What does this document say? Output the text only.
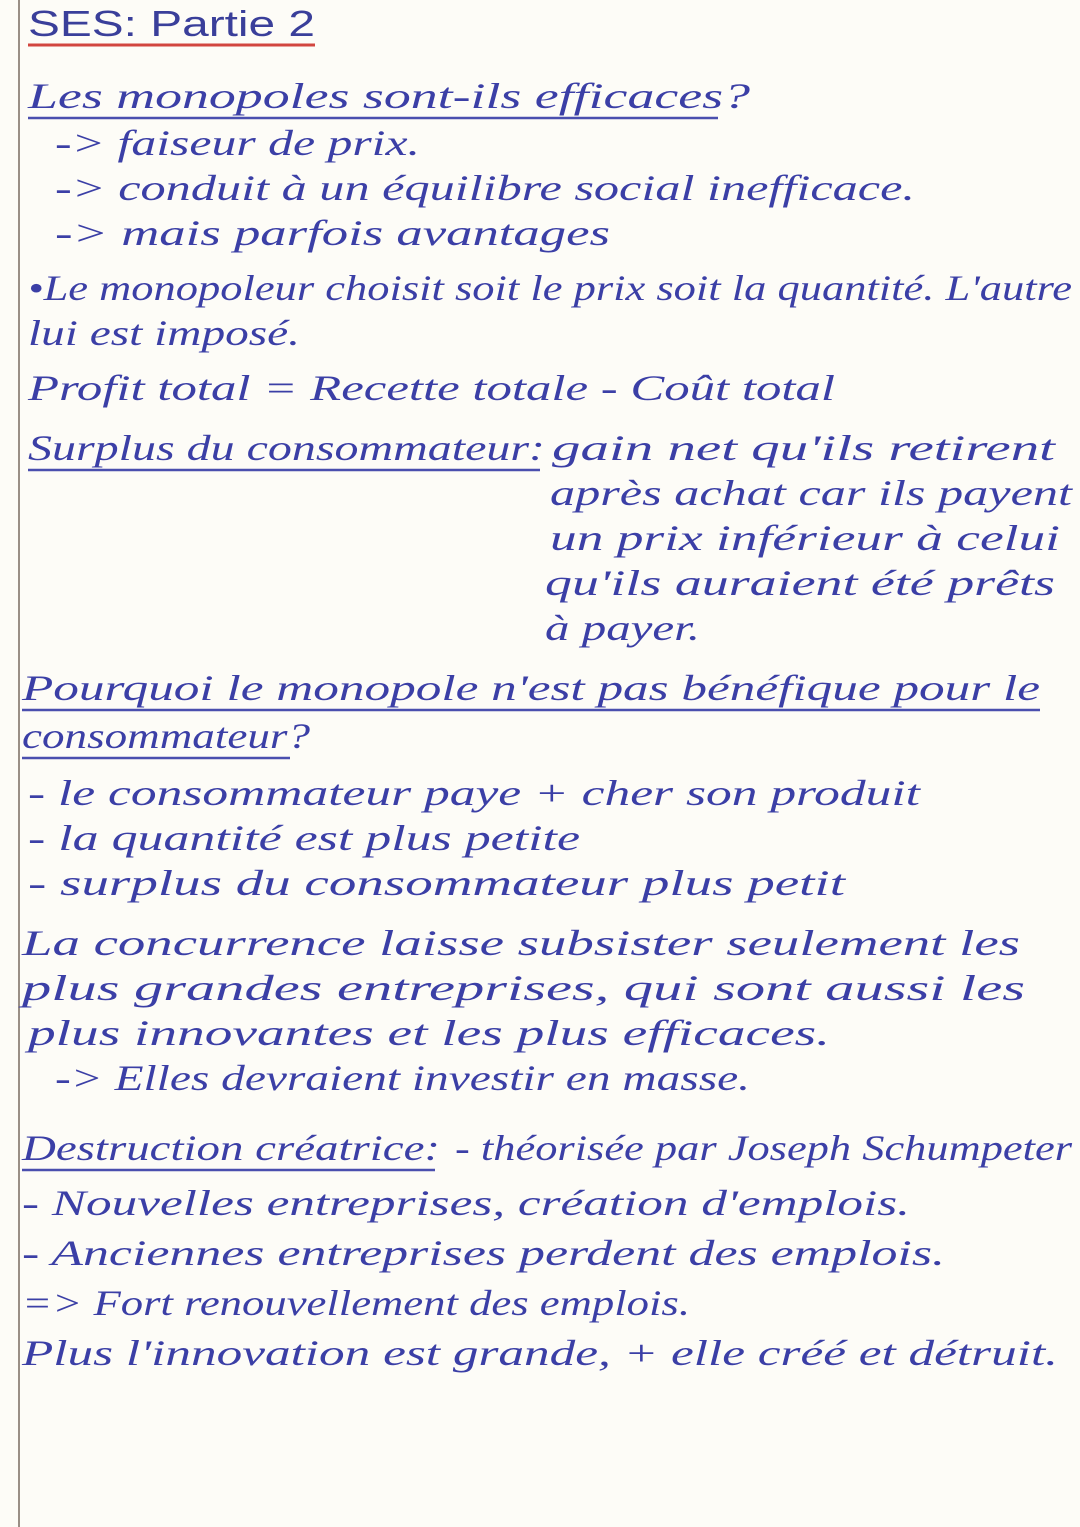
SES: Partie 2
Les monopoles sont-ils efficaces?
-> faiseur de prix.
-> conduit à un équilibre social inefficace.
-> mais parfois avantages
•Le monopoleur choisit soit le prix soit la quantité. L'autre
lui est imposé.
Profit total = Recette totale - Coût total
Surplus du consommateur: gain net qu'ils retirent
après achat car ils payent
un prix inférieur à celui
qu'ils auraient été prêts
à payer.
Pourquoi le monopole n'est pas bénéfique pour le
consommateur?
- le consommateur paye + cher son produit
- la quantité est plus petite
- surplus du consommateur plus petit
La concurrence laisse subsister seulement les
plus grandes entreprises, qui sont aussi les
plus innovantes et les plus efficaces.
-> Elles devraient investir en masse.
Destruction créatrice: - théorisée par Joseph Schumpeter
- Nouvelles entreprises, création d'emplois.
- Anciennes entreprises perdent des emplois.
=> Fort renouvellement des emplois.
Plus l'innovation est grande, + elle créé et détruit.
